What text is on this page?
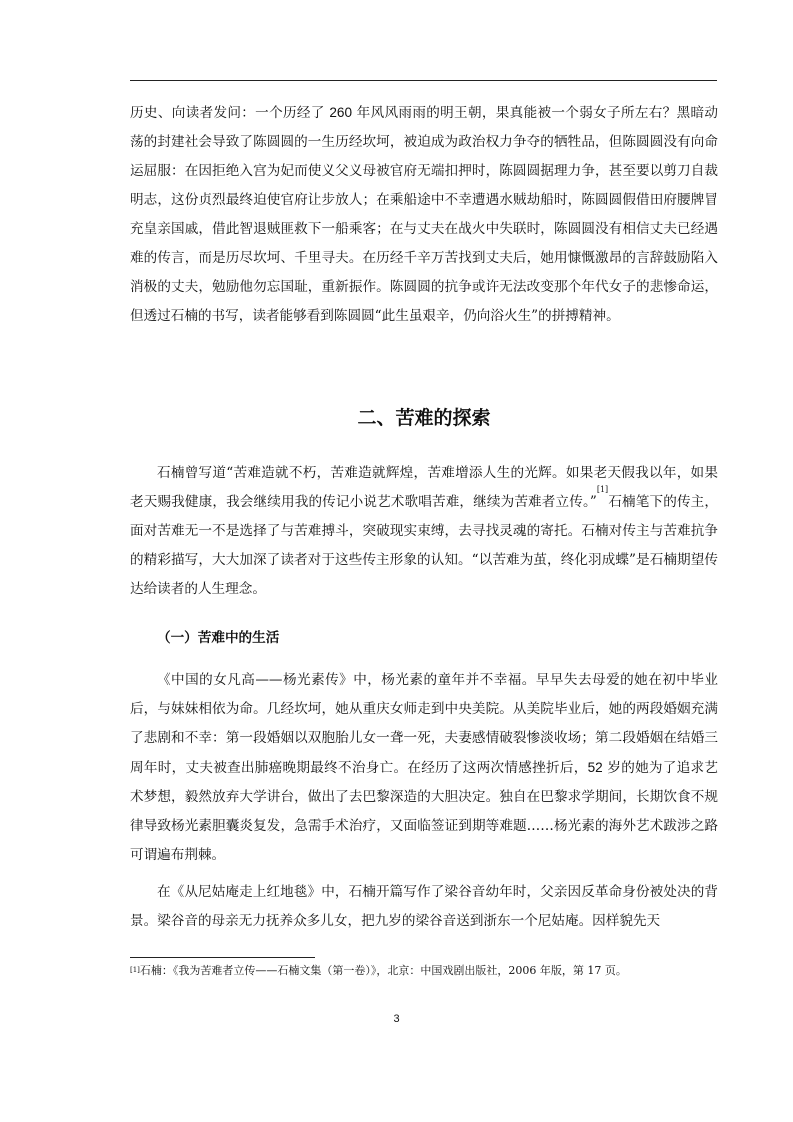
历史、向读者发问：一个历经了 260 年风风雨雨的明王朝，果真能被一个弱女子所左右？黑暗动荡的封建社会导致了陈圆圆的一生历经坎坷，被迫成为政治权力争夺的牺牲品，但陈圆圆没有向命运屈服：在因拒绝入宫为妃而使义父义母被官府无端扣押时，陈圆圆据理力争，甚至要以剪刀自裁明志，这份贞烈最终迫使官府让步放人；在乘船途中不幸遭遇水贼劫船时，陈圆圆假借田府腰牌冒充皇亲国戚，借此智退贼匪救下一船乘客；在与丈夫在战火中失联时，陈圆圆没有相信丈夫已经遇难的传言，而是历尽坎坷、千里寻夫。在历经千辛万苦找到丈夫后，她用慷慨激昂的言辞鼓励陷入消极的丈夫，勉励他勿忘国耻，重新振作。陈圆圆的抗争或许无法改变那个年代女子的悲惨命运，但透过石楠的书写，读者能够看到陈圆圆“此生虽艰辛，仍向浴火生”的拼搏精神。

二、苦难的探索

石楠曾写道“苦难造就不朽，苦难造就辉煌，苦难增添人生的光辉。如果老天假我以年，如果老天赐我健康，我会继续用我的传记小说艺术歌唱苦难，继续为苦难者立传。”[1]石楠笔下的传主，面对苦难无一不是选择了与苦难搏斗，突破现实束缚，去寻找灵魂的寄托。石楠对传主与苦难抗争的精彩描写，大大加深了读者对于这些传主形象的认知。“以苦难为茧，终化羽成蝶”是石楠期望传达给读者的人生理念。

（一）苦难中的生活

《中国的女凡高——杨光素传》中，杨光素的童年并不幸福。早早失去母爱的她在初中毕业后，与妹妹相依为命。几经坎坷，她从重庆女师走到中央美院。从美院毕业后，她的两段婚姻充满了悲剧和不幸：第一段婚姻以双胞胎儿女一聋一死，夫妻感情破裂惨淡收场；第二段婚姻在结婚三周年时，丈夫被查出肺癌晚期最终不治身亡。在经历了这两次情感挫折后，52 岁的她为了追求艺术梦想，毅然放弃大学讲台，做出了去巴黎深造的大胆决定。独自在巴黎求学期间，长期饮食不规律导致杨光素胆囊炎复发，急需手术治疗，又面临签证到期等难题……杨光素的海外艺术跋涉之路可谓遍布荆棘。

在《从尼姑庵走上红地毯》中，石楠开篇写作了梁谷音幼年时，父亲因反革命身份被处决的背景。梁谷音的母亲无力抚养众多儿女，把九岁的梁谷音送到浙东一个尼姑庵。因样貌先天

[1]石楠：《我为苦难者立传——石楠文集（第一卷）》，北京：中国戏剧出版社，2006 年版，第 17 页。

3
